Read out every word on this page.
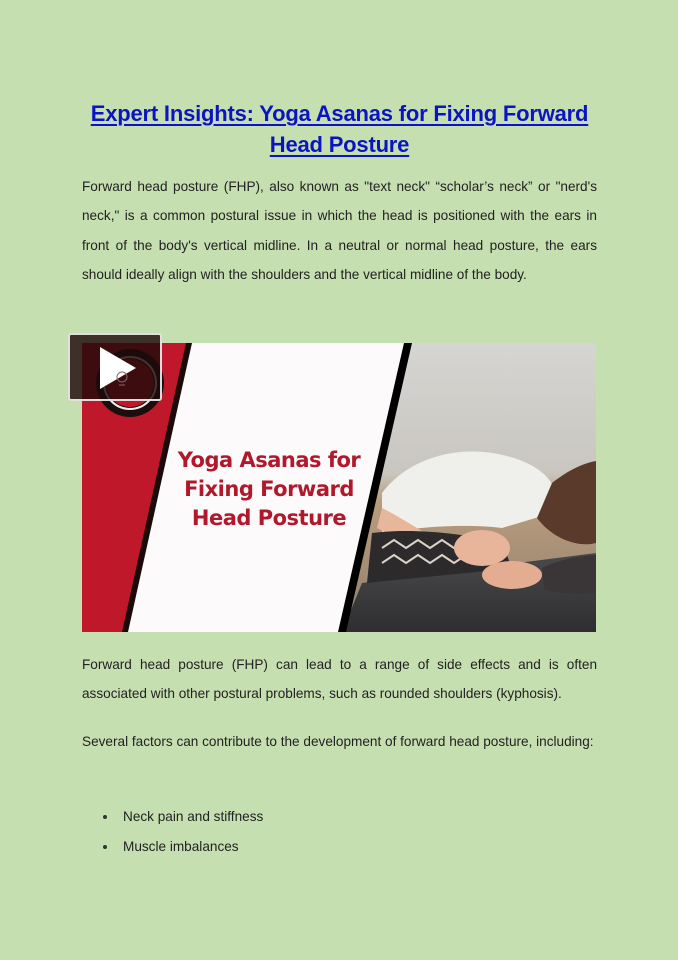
Expert Insights: Yoga Asanas for Fixing Forward Head Posture

Forward head posture (FHP), also known as "text neck" “scholar’s neck” or "nerd's neck," is a common postural issue in which the head is positioned with the ears in front of the body's vertical midline. In a neutral or normal head posture, the ears should ideally align with the shoulders and the vertical midline of the body.

Yoga Asanas for Fixing Forward Head Posture

Forward head posture (FHP) can lead to a range of side effects and is often associated with other postural problems, such as rounded shoulders (kyphosis).

Several factors can contribute to the development of forward head posture, including:

Neck pain and stiffness
Muscle imbalances
